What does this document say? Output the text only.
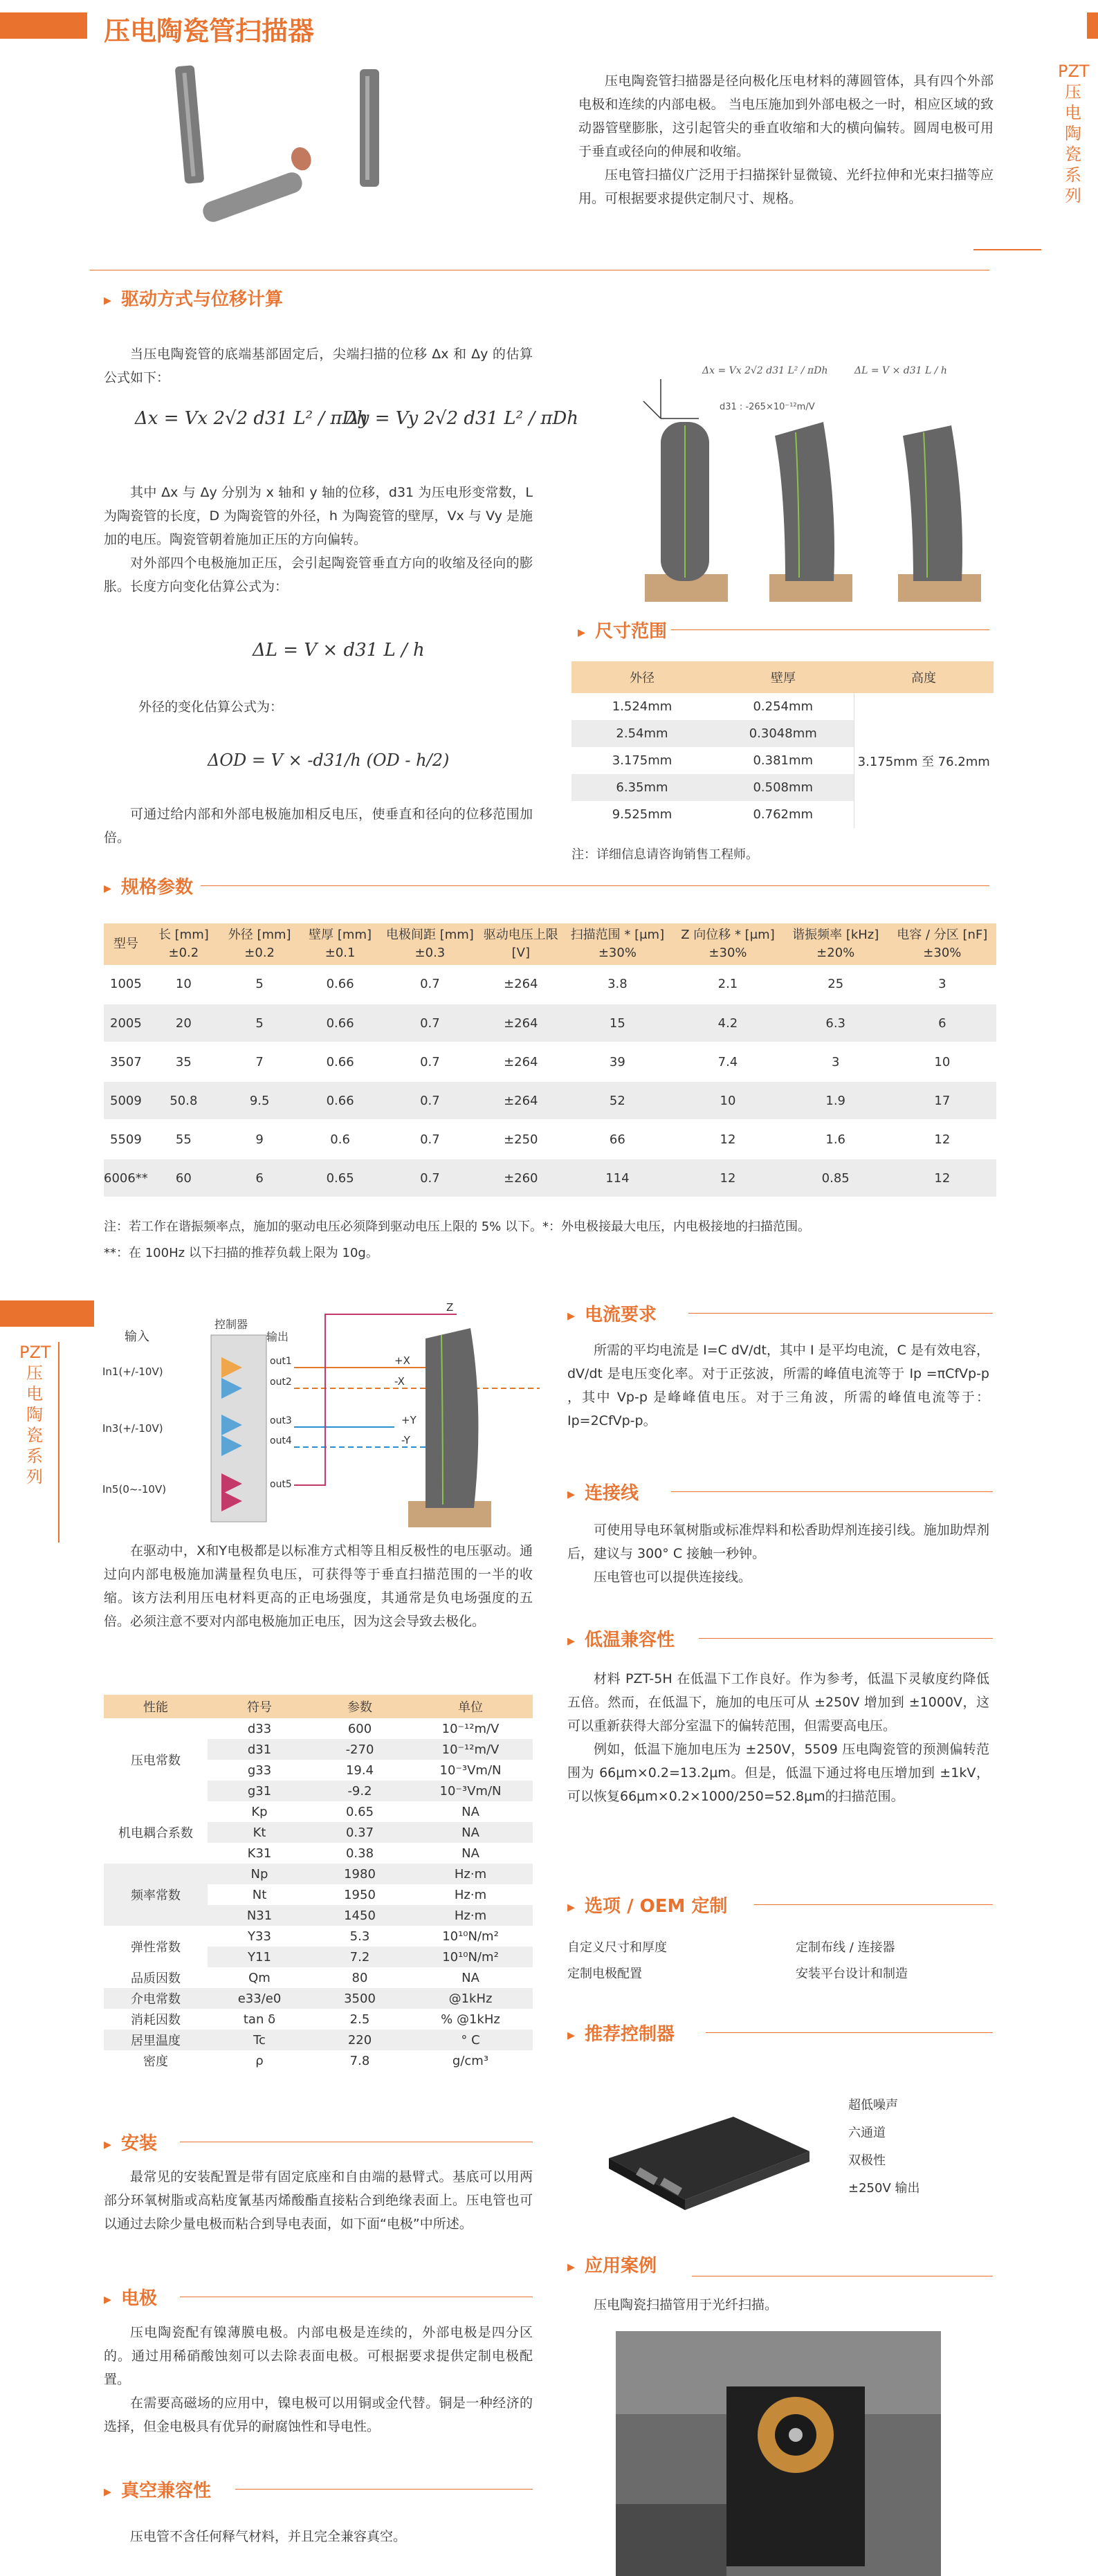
压电陶瓷管扫描器
PZT压电陶瓷系列

压电陶瓷管扫描器是径向极化压电材料的薄圆管体，具有四个外部电极和连续的内部电极。 当电压施加到外部电极之一时，相应区域的致动器管壁膨胀，这引起管尖的垂直收缩和大的横向偏转。圆周电极可用于垂直或径向的伸展和收缩。

压电管扫描仪广泛用于扫描探针显微镜、光纤拉伸和光束扫描等应用。可根据要求提供定制尺寸、规格。

▸ 驱动方式与位移计算

当压电陶瓷管的底端基部固定后，尖端扫描的位移 Δx 和 Δy 的估算公式如下：

Δx = Vx 2√2 d31 L² / πDh
Δy = Vy 2√2 d31 L² / πDh

其中 Δx 与 Δy 分别为 x 轴和 y 轴的位移，d31 为压电形变常数，L 为陶瓷管的长度，D 为陶瓷管的外径，h 为陶瓷管的壁厚，Vx 与 Vy 是施加的电压。陶瓷管朝着施加正压的方向偏转。

对外部四个电极施加正压，会引起陶瓷管垂直方向的收缩及径向的膨胀。长度方向变化估算公式为：

ΔL = V × d31 L / h
外径的变化估算公式为：
ΔOD = V × -d31/h (OD - h/2)

可通过给内部和外部电极施加相反电压，使垂直和径向的位移范围加倍。

Δx = Vx 2√2 d31 L² / πDh	ΔL = V × d31 L / h
d31 : -265×10⁻¹²m/V
▸ 尺寸范围
外径	壁厚	高度
1.524mm	0.254mm	3.175mm 至 76.2mm
2.54mm	0.3048mm	
3.175mm	0.381mm	
6.35mm	0.508mm	
9.525mm	0.762mm	
注：详细信息请咨询销售工程师。
▸ 规格参数
型号	长 [mm]±0.2	外径 [mm]±0.2	壁厚 [mm]±0.1	电极间距 [mm]±0.3	驱动电压上限 [V]	扫描范围 * [μm]±30%	Z 向位移 * [μm]±30%	谐振频率 [kHz]±20%	电容 / 分区 [nF]±30%
1005	10	5	0.66	0.7	±264	3.8	2.1	25	3
2005	20	5	0.66	0.7	±264	15	4.2	6.3	6
3507	35	7	0.66	0.7	±264	39	7.4	3	10
5009	50.8	9.5	0.66	0.7	±264	52	10	1.9	17
5509	55	9	0.6	0.7	±250	66	12	1.6	12
6006**	60	6	0.65	0.7	±260	114	12	0.85	12
注：若工作在谐振频率点，施加的驱动电压必须降到驱动电压上限的 5% 以下。*：外电极接最大电压，内电极接地的扫描范围。
**：在 100Hz 以下扫描的推荐负载上限为 10g。
PZT压电陶瓷系列
输入
控制器
输出
In1(+/-10V)
In3(+/-10V)
In5(0~-10V)
out1
out2
out3
out4
out5
+X
-X
+Y
-Y
Z

在驱动中，X和Y电极都是以标准方式相等且相反极性的电压驱动。通过向内部电极施加满量程负电压，可获得等于垂直扫描范围的一半的收缩。该方法利用压电材料更高的正电场强度，其通常是负电场强度的五倍。必须注意不要对内部电极施加正电压，因为这会导致去极化。

性能	符号	参数	单位
压电常数	d33	600	10⁻¹²m/V
	d31	-270	10⁻¹²m/V
	g33	19.4	10⁻³Vm/N
	g31	-9.2	10⁻³Vm/N
机电耦合系数	Kp	0.65	NA
	Kt	0.37	NA
	K31	0.38	NA
频率常数	Np	1980	Hz·m
	Nt	1950	Hz·m
	N31	1450	Hz·m
弹性常数	Y33	5.3	10¹⁰N/m²
	Y11	7.2	10¹⁰N/m²
品质因数	Qm	80	NA
介电常数	e33/e0	3500	@1kHz
消耗因数	tan δ	2.5	% @1kHz
居里温度	Tc	220	° C
密度	ρ	7.8	g/cm³
▸ 安装

最常见的安装配置是带有固定底座和自由端的悬臂式。基底可以用两部分环氧树脂或高粘度氰基丙烯酸酯直接粘合到绝缘表面上。压电管也可以通过去除少量电极而粘合到导电表面，如下面“电极”中所述。

▸ 电极

压电陶瓷配有镍薄膜电极。内部电极是连续的，外部电极是四分区的。通过用稀硝酸蚀刻可以去除表面电极。可根据要求提供定制电极配置。

在需要高磁场的应用中，镍电极可以用铜或金代替。铜是一种经济的选择，但金电极具有优异的耐腐蚀性和导电性。

▸ 真空兼容性

压电管不含任何释气材料，并且完全兼容真空。

▸ 电流要求

所需的平均电流是 I=C dV/dt，其中 I 是平均电流，C 是有效电容，dV/dt 是电压变化率。对于正弦波，所需的峰值电流等于 Ip =πCfVp-p ，其中 Vp-p 是峰峰值电压。对于三角波，所需的峰值电流等于： Ip=2CfVp-p。

▸ 连接线

可使用导电环氧树脂或标准焊料和松香助焊剂连接引线。施加助焊剂后，建议与 300° C 接触一秒钟。

压电管也可以提供连接线。

▸ 低温兼容性

材料 PZT-5H 在低温下工作良好。作为参考，低温下灵敏度约降低五倍。然而，在低温下，施加的电压可从 ±250V 增加到 ±1000V，这可以重新获得大部分室温下的偏转范围，但需要高电压。

例如，低温下施加电压为 ±250V，5509 压电陶瓷管的预测偏转范围为 66μm×0.2=13.2μm。但是，低温下通过将电压增加到 ±1kV，可以恢复66μm×0.2×1000/250=52.8μm的扫描范围。

▸ 选项 / OEM 定制
自定义尺寸和厚度	定制布线 / 连接器
定制电极配置	安装平台设计和制造
▸ 推荐控制器
超低噪声
六通道
双极性
±250V 输出
▸ 应用案例

压电陶瓷扫描管用于光纤扫描。
